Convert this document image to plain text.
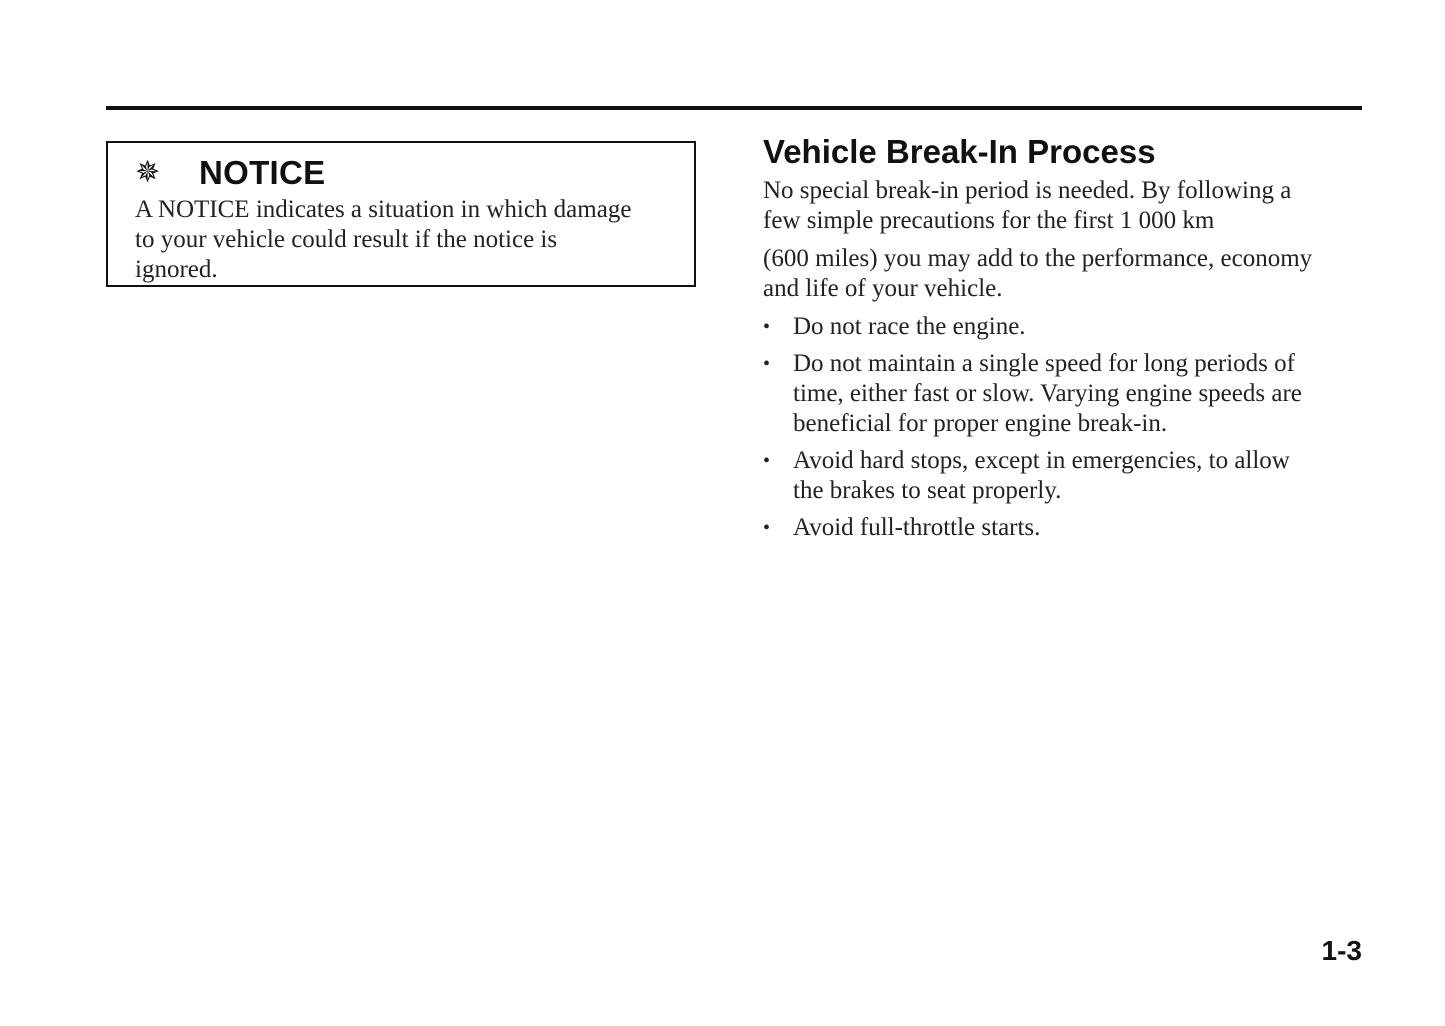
✵	NOTICE
A NOTICE indicates a situation in which damage
to your vehicle could result if the notice is
ignored.
Vehicle Break-In Process
No special break-in period is needed. By following a
few simple precautions for the first 1 000 km
(600 miles) you may add to the performance, economy
and life of your vehicle.
• Do not race the engine.
• Do not maintain a single speed for long periods of
time, either fast or slow. Varying engine speeds are
beneficial for proper engine break-in.
• Avoid hard stops, except in emergencies, to allow
the brakes to seat properly.
• Avoid full-throttle starts.
1-3
